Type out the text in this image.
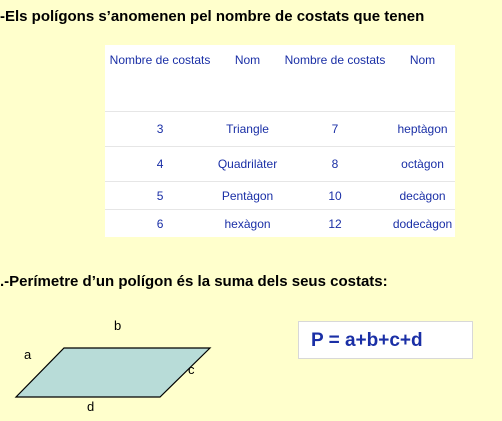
-Els polígons s’anomenen pel nombre de costats que tenen
Nombre de costats	Nom	Nombre de costats	Nom
3	Triangle	7	heptàgon
4	Quadrilàter	8	octàgon
5	Pentàgon	10	decàgon
6	hexàgon	12	dodecàgon
.-Perímetre d’un polígon és la suma dels seus costats:
a
b
c
d
P = a+b+c+d
